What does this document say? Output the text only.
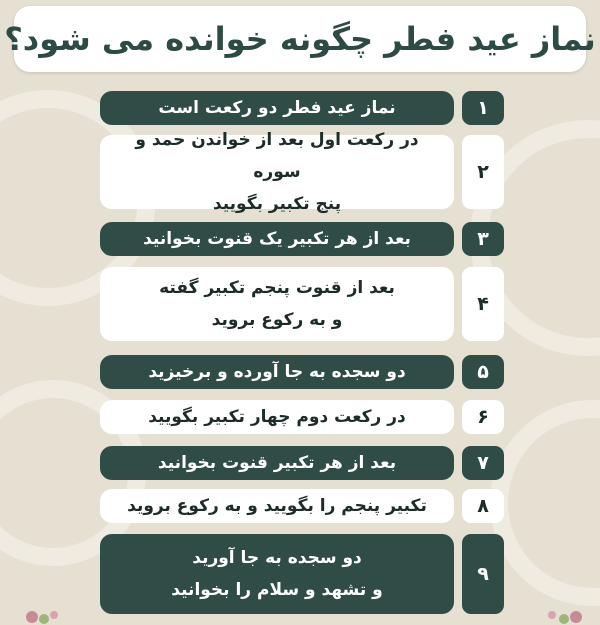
نماز عید فطر چگونه خوانده می شود؟
نماز عید فطر دو رکعت است	۱
در رکعت اول بعد از خواندن حمد و سوره
پنج تکبیر بگویید
۲
بعد از هر تکبیر یک قنوت بخوانید	۳
بعد از قنوت پنجم تکبیر گفته
و به رکوع بروید
۴
دو سجده به جا آورده و برخیزید	۵
در رکعت دوم چهار تکبیر بگویید	۶
بعد از هر تکبیر قنوت بخوانید	۷
تکبیر پنجم را بگویید و به رکوع بروید	۸
دو سجده به جا آورید
و تشهد و سلام را بخوانید
۹
